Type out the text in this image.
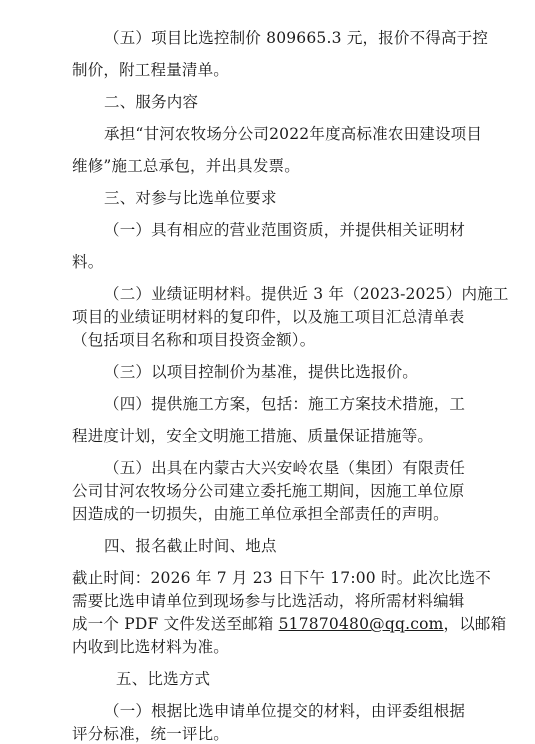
（五）项目比选控制价 809665.3 元，报价不得高于控
制价，附工程量清单。
二、服务内容
承担“甘河农牧场分公司2022年度高标准农田建设项目
维修”施工总承包，并出具发票。
三、对参与比选单位要求
（一）具有相应的营业范围资质，并提供相关证明材
料。
（二）业绩证明材料。提供近 3 年（2023-2025）内施工
项目的业绩证明材料的复印件，以及施工项目汇总清单表
（包括项目名称和项目投资金额）。
（三）以项目控制价为基准，提供比选报价。
（四）提供施工方案，包括：施工方案技术措施，工
程进度计划，安全文明施工措施、质量保证措施等。
（五）出具在内蒙古大兴安岭农垦（集团）有限责任
公司甘河农牧场分公司建立委托施工期间，因施工单位原
因造成的一切损失，由施工单位承担全部责任的声明。
四、报名截止时间、地点
截止时间：2026 年 7 月 23 日下午 17:00 时。此次比选不
需要比选申请单位到现场参与比选活动，将所需材料编辑
成一个 PDF 文件发送至邮箱 517870480@qq.com，以邮箱
内收到比选材料为准。
五、比选方式
（一）根据比选申请单位提交的材料，由评委组根据
评分标准，统一评比。
